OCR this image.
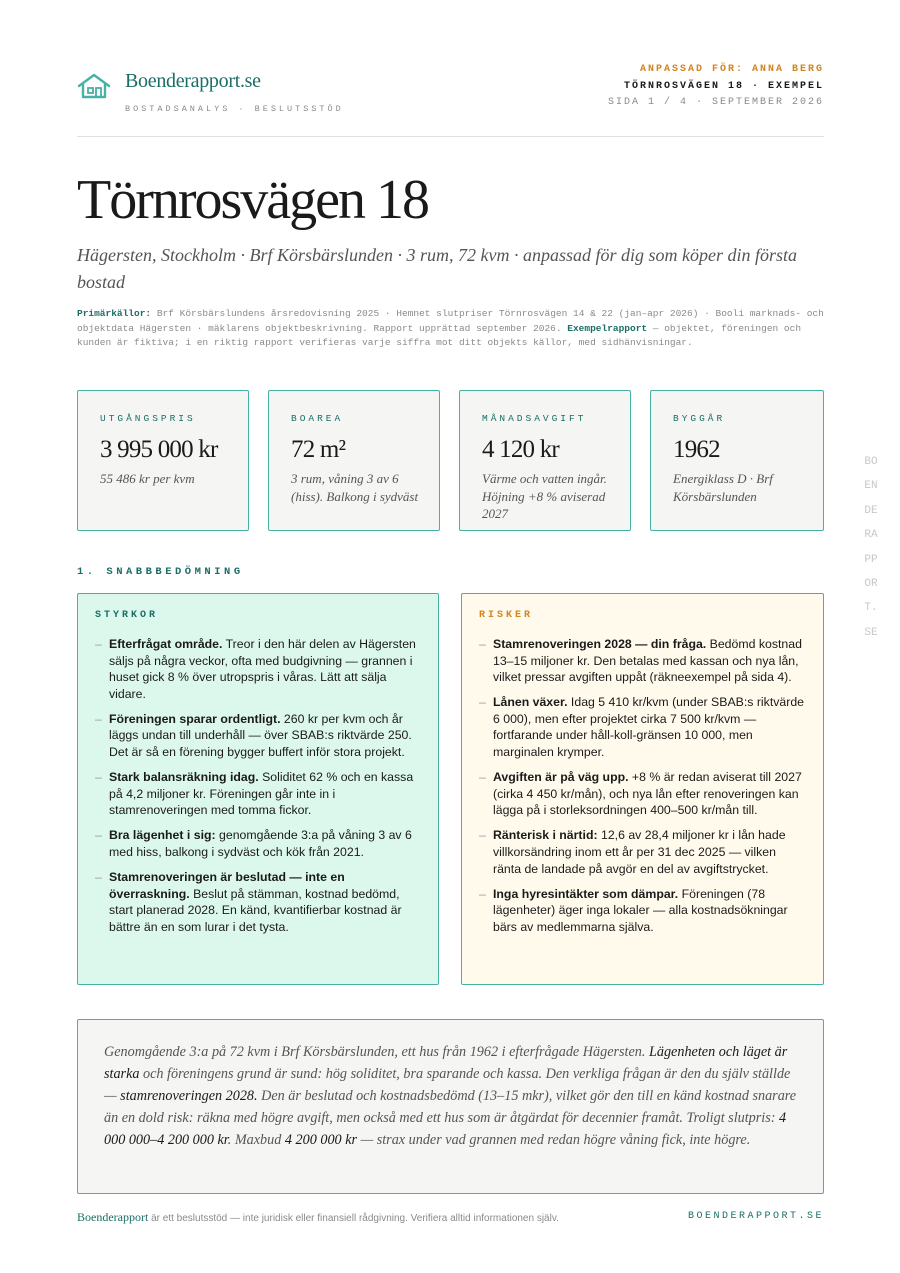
Boenderapport.se
BOSTADSANALYS · BESLUTSSTÖD
ANPASSAD FÖR: ANNA BERG
TÖRNROSVÄGEN 18 · EXEMPEL
SIDA 1 / 4 · SEPTEMBER 2026
Törnrosvägen 18

Hägersten, Stockholm · Brf Körsbärslunden · 3 rum, 72 kvm · anpassad för dig som köper din första bostad

Primärkällor: Brf Körsbärslundens årsredovisning 2025 · Hemnet slutpriser Törnrosvägen 14 & 22 (jan–apr 2026) · Booli marknads- och objektdata Hägersten · mäklarens objektbeskrivning. Rapport upprättad september 2026. Exempelrapport — objektet, föreningen och kunden är fiktiva; i en riktig rapport verifieras varje siffra mot ditt objekts källor, med sidhänvisningar.
UTGÅNGSPRIS
3 995 000 kr
55 486 kr per kvm
BOAREA
72 m²
3 rum, våning 3 av 6 (hiss). Balkong i sydväst
MÅNADSAVGIFT
4 120 kr
Värme och vatten ingår. Höjning +8 % aviserad 2027
BYGGÅR
1962
Energiklass D · Brf Körsbärslunden
1. SNABBBEDÖMNING
STYRKOR
– Efterfrågat område. Treor i den här delen av Hägersten säljs på några veckor, ofta med budgivning — grannen i huset gick 8 % över utropspris i våras. Lätt att sälja vidare.
– Föreningen sparar ordentligt. 260 kr per kvm och år läggs undan till underhåll — över SBAB:s riktvärde 250. Det är så en förening bygger buffert inför stora projekt.
– Stark balansräkning idag. Soliditet 62 % och en kassa på 4,2 miljoner kr. Föreningen går inte in i stamrenoveringen med tomma fickor.
– Bra lägenhet i sig: genomgående 3:a på våning 3 av 6 med hiss, balkong i sydväst och kök från 2021.
– Stamrenoveringen är beslutad — inte en överraskning. Beslut på stämman, kostnad bedömd, start planerad 2028. En känd, kvantifierbar kostnad är bättre än en som lurar i det tysta.
RISKER
– Stamrenoveringen 2028 — din fråga. Bedömd kostnad 13–15 miljoner kr. Den betalas med kassan och nya lån, vilket pressar avgiften uppåt (räkneexempel på sida 4).
– Lånen växer. Idag 5 410 kr/kvm (under SBAB:s riktvärde 6 000), men efter projektet cirka 7 500 kr/kvm — fortfarande under håll-koll-gränsen 10 000, men marginalen krymper.
– Avgiften är på väg upp. +8 % är redan aviserat till 2027 (cirka 4 450 kr/mån), och nya lån efter renoveringen kan lägga på i storleksordningen 400–500 kr/mån till.
– Ränterisk i närtid: 12,6 av 28,4 miljoner kr i lån hade villkorsändring inom ett år per 31 dec 2025 — vilken ränta de landade på avgör en del av avgiftstrycket.
– Inga hyresintäkter som dämpar. Föreningen (78 lägenheter) äger inga lokaler — alla kostnadsökningar bärs av medlemmarna själva.
Genomgående 3:a på 72 kvm i Brf Körsbärslunden, ett hus från 1962 i efterfrågade Hägersten. Lägenheten och läget är starka och föreningens grund är sund: hög soliditet, bra sparande och kassa. Den verkliga frågan är den du själv ställde — stamrenoveringen 2028. Den är beslutad och kostnadsbedömd (13–15 mkr), vilket gör den till en känd kostnad snarare än en dold risk: räkna med högre avgift, men också med ett hus som är åtgärdat för decennier framåt. Troligt slutpris: 4 000 000–4 200 000 kr. Maxbud 4 200 000 kr — strax under vad grannen med redan högre våning fick, inte högre.
Boenderapport är ett beslutsstöd — inte juridisk eller finansiell rådgivning. Verifiera alltid informationen själv.	BOENDERAPPORT.SE
BOENDERAPPORT.SE
